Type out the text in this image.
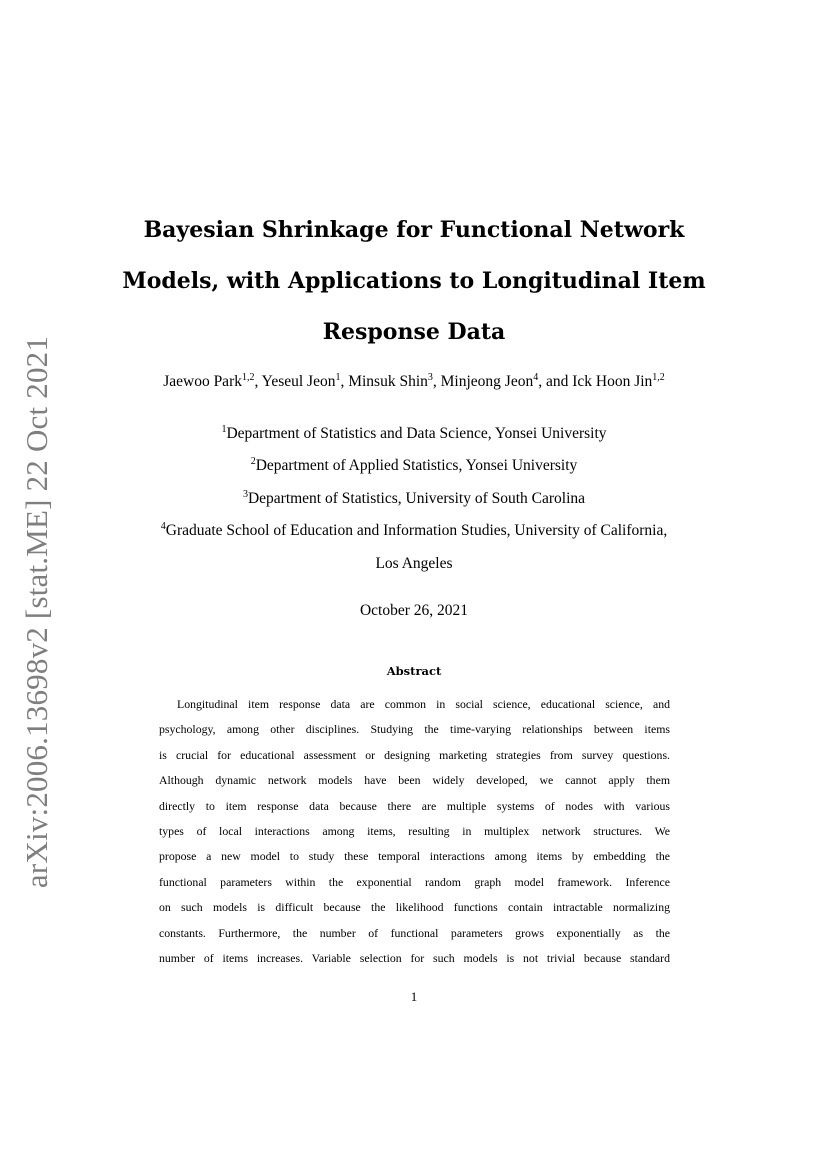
arXiv:2006.13698v2 [stat.ME] 22 Oct 2021
Bayesian Shrinkage for Functional Network
Models, with Applications to Longitudinal Item
Response Data
Jaewoo Park$^{1,2}$, Yeseul Jeon$^1$, Minsuk Shin$^3$, Minjeong Jeon$^4$, and Ick Hoon Jin$^{1,2}$
$^1$Department of Statistics and Data Science, Yonsei University
$^2$Department of Applied Statistics, Yonsei University
$^3$Department of Statistics, University of South Carolina
$^4$Graduate School of Education and Information Studies, University of California,
Los Angeles
October 26, 2021
Abstract
Longitudinal item response data are common in social science, educational science, and
psychology, among other disciplines. Studying the time-varying relationships between items
is crucial for educational assessment or designing marketing strategies from survey questions.
Although dynamic network models have been widely developed, we cannot apply them
directly to item response data because there are multiple systems of nodes with various
types of local interactions among items, resulting in multiplex network structures. We
propose a new model to study these temporal interactions among items by embedding the
functional parameters within the exponential random graph model framework. Inference
on such models is difficult because the likelihood functions contain intractable normalizing
constants. Furthermore, the number of functional parameters grows exponentially as the
number of items increases. Variable selection for such models is not trivial because standard
1
